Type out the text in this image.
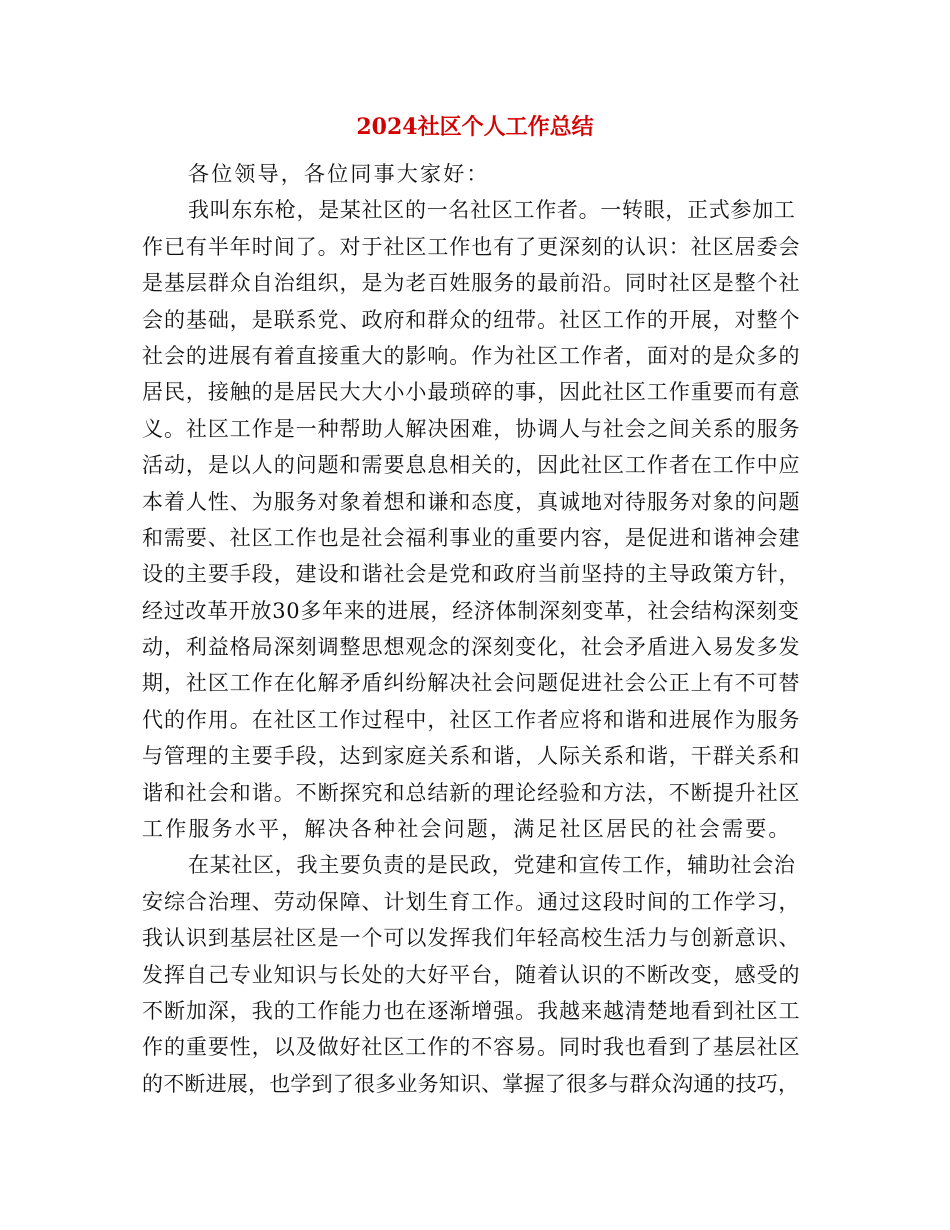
2024社区个人工作总结
各位领导，各位同事大家好：
我叫东东枪，是某社区的一名社区工作者。一转眼，正式参加工
作已有半年时间了。对于社区工作也有了更深刻的认识：社区居委会
是基层群众自治组织，是为老百姓服务的最前沿。同时社区是整个社
会的基础，是联系党、政府和群众的纽带。社区工作的开展，对整个
社会的进展有着直接重大的影响。作为社区工作者，面对的是众多的
居民，接触的是居民大大小小最琐碎的事，因此社区工作重要而有意
义。社区工作是一种帮助人解决困难，协调人与社会之间关系的服务
活动，是以人的问题和需要息息相关的，因此社区工作者在工作中应
本着人性、为服务对象着想和谦和态度，真诚地对待服务对象的问题
和需要、社区工作也是社会福利事业的重要内容，是促进和谐神会建
设的主要手段，建设和谐社会是党和政府当前坚持的主导政策方针，
经过改革开放30多年来的进展，经济体制深刻变革，社会结构深刻变
动，利益格局深刻调整思想观念的深刻变化，社会矛盾进入易发多发
期，社区工作在化解矛盾纠纷解决社会问题促进社会公正上有不可替
代的作用。在社区工作过程中，社区工作者应将和谐和进展作为服务
与管理的主要手段，达到家庭关系和谐，人际关系和谐，干群关系和
谐和社会和谐。不断探究和总结新的理论经验和方法，不断提升社区
工作服务水平，解决各种社会问题，满足社区居民的社会需要。
在某社区，我主要负责的是民政，党建和宣传工作，辅助社会治
安综合治理、劳动保障、计划生育工作。通过这段时间的工作学习，
我认识到基层社区是一个可以发挥我们年轻高校生活力与创新意识、
发挥自己专业知识与长处的大好平台，随着认识的不断改变，感受的
不断加深，我的工作能力也在逐渐增强。我越来越清楚地看到社区工
作的重要性，以及做好社区工作的不容易。同时我也看到了基层社区
的不断进展，也学到了很多业务知识、掌握了很多与群众沟通的技巧，
